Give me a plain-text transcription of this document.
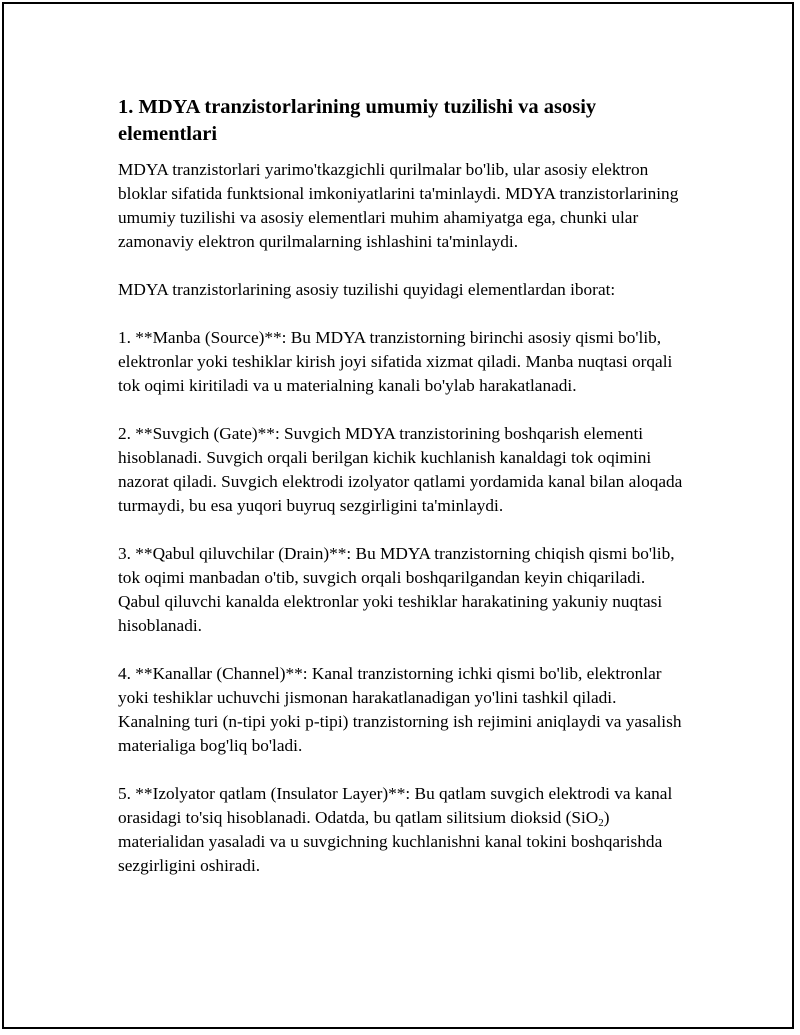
1. MDYA tranzistorlarining umumiy tuzilishi va asosiy elementlari

MDYA tranzistorlari yarimo'tkazgichli qurilmalar bo'lib, ular asosiy elektron bloklar sifatida funktsional imkoniyatlarini ta'minlaydi. MDYA tranzistorlarining umumiy tuzilishi va asosiy elementlari muhim ahamiyatga ega, chunki ular zamonaviy elektron qurilmalarning ishlashini ta'minlaydi.

MDYA tranzistorlarining asosiy tuzilishi quyidagi elementlardan iborat:

1. **Manba (Source)**: Bu MDYA tranzistorning birinchi asosiy qismi bo'lib, elektronlar yoki teshiklar kirish joyi sifatida xizmat qiladi. Manba nuqtasi orqali tok oqimi kiritiladi va u materialning kanali bo'ylab harakatlanadi.

2. **Suvgich (Gate)**: Suvgich MDYA tranzistorining boshqarish elementi hisoblanadi. Suvgich orqali berilgan kichik kuchlanish kanaldagi tok oqimini nazorat qiladi. Suvgich elektrodi izolyator qatlami yordamida kanal bilan aloqada turmaydi, bu esa yuqori buyruq sezgirligini ta'minlaydi.

3. **Qabul qiluvchilar (Drain)**: Bu MDYA tranzistorning chiqish qismi bo'lib, tok oqimi manbadan o'tib, suvgich orqali boshqarilgandan keyin chiqariladi. Qabul qiluvchi kanalda elektronlar yoki teshiklar harakatining yakuniy nuqtasi hisoblanadi.

4. **Kanallar (Channel)**: Kanal tranzistorning ichki qismi bo'lib, elektronlar yoki teshiklar uchuvchi jismonan harakatlanadigan yo'lini tashkil qiladi. Kanalning turi (n-tipi yoki p-tipi) tranzistorning ish rejimini aniqlaydi va yasalish materialiga bog'liq bo'ladi.

5. **Izolyator qatlam (Insulator Layer)**: Bu qatlam suvgich elektrodi va kanal orasidagi to'siq hisoblanadi. Odatda, bu qatlam silitsium dioksid (SiO$_2$) materialidan yasaladi va u suvgichning kuchlanishni kanal tokini boshqarishda sezgirligini oshiradi.
